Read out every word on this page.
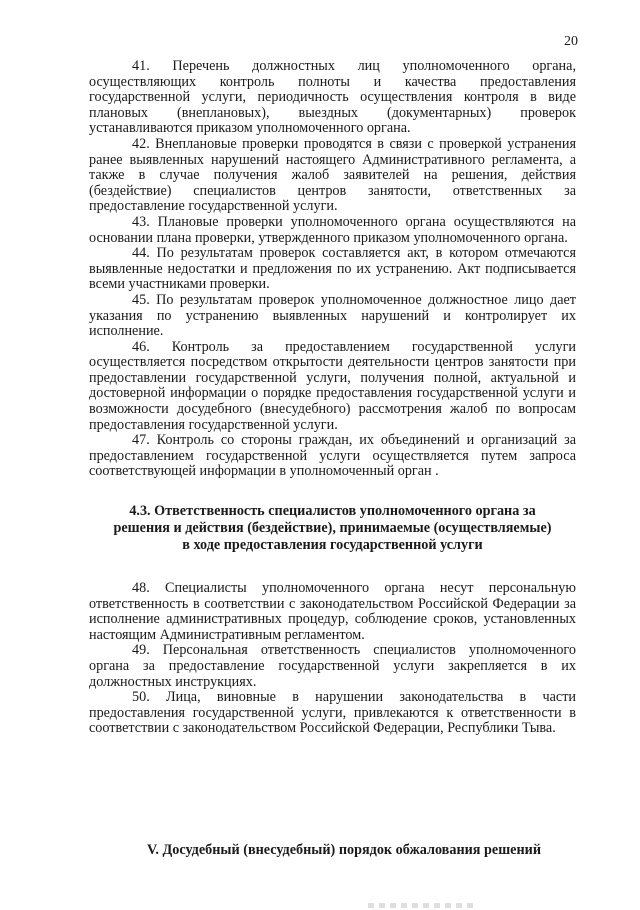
20

41. Перечень должностных лиц уполномоченного органа, осуществляющих контроль полноты и качества предоставления государственной услуги, периодичность осуществления контроля в виде плановых (внеплановых), выездных (документарных) проверок устанавливаются приказом уполномоченного органа.

42. Внеплановые проверки проводятся в связи с проверкой устранения ранее выявленных нарушений настоящего Административного регламента, а также в случае получения жалоб заявителей на решения, действия (бездействие) специалистов центров занятости, ответственных за предоставление государственной услуги.

43. Плановые проверки уполномоченного органа осуществляются на основании плана проверки, утвержденного приказом уполномоченного органа.

44. По результатам проверок составляется акт, в котором отмечаются выявленные недостатки и предложения по их устранению. Акт подписывается всеми участниками проверки.

45. По результатам проверок уполномоченное должностное лицо дает указания по устранению выявленных нарушений и контролирует их исполнение.

46. Контроль за предоставлением государственной услуги осуществляется посредством открытости деятельности центров занятости при предоставлении государственной услуги, получения полной, актуальной и достоверной информации о порядке предоставления государственной услуги и возможности досудебного (внесудебного) рассмотрения жалоб по вопросам предоставления государственной услуги.

47. Контроль со стороны граждан, их объединений и организаций за предоставлением государственной услуги осуществляется путем запроса соответствующей информации в уполномоченный орган .

4.3. Ответственность специалистов уполномоченного органа за
решения и действия (бездействие), принимаемые (осуществляемые)
в ходе предоставления государственной услуги

48. Специалисты уполномоченного органа несут персональную ответственность в соответствии с законодательством Российской Федерации за исполнение административных процедур, соблюдение сроков, установленных настоящим Административным регламентом.

49. Персональная ответственность специалистов уполномоченного органа за предоставление государственной услуги закрепляется в их должностных инструкциях.

50. Лица, виновные в нарушении законодательства в части предоставления государственной услуги, привлекаются к ответственности в соответствии с законодательством Российской Федерации, Республики Тыва.

V. Досудебный (внесудебный) порядок обжалования решений
